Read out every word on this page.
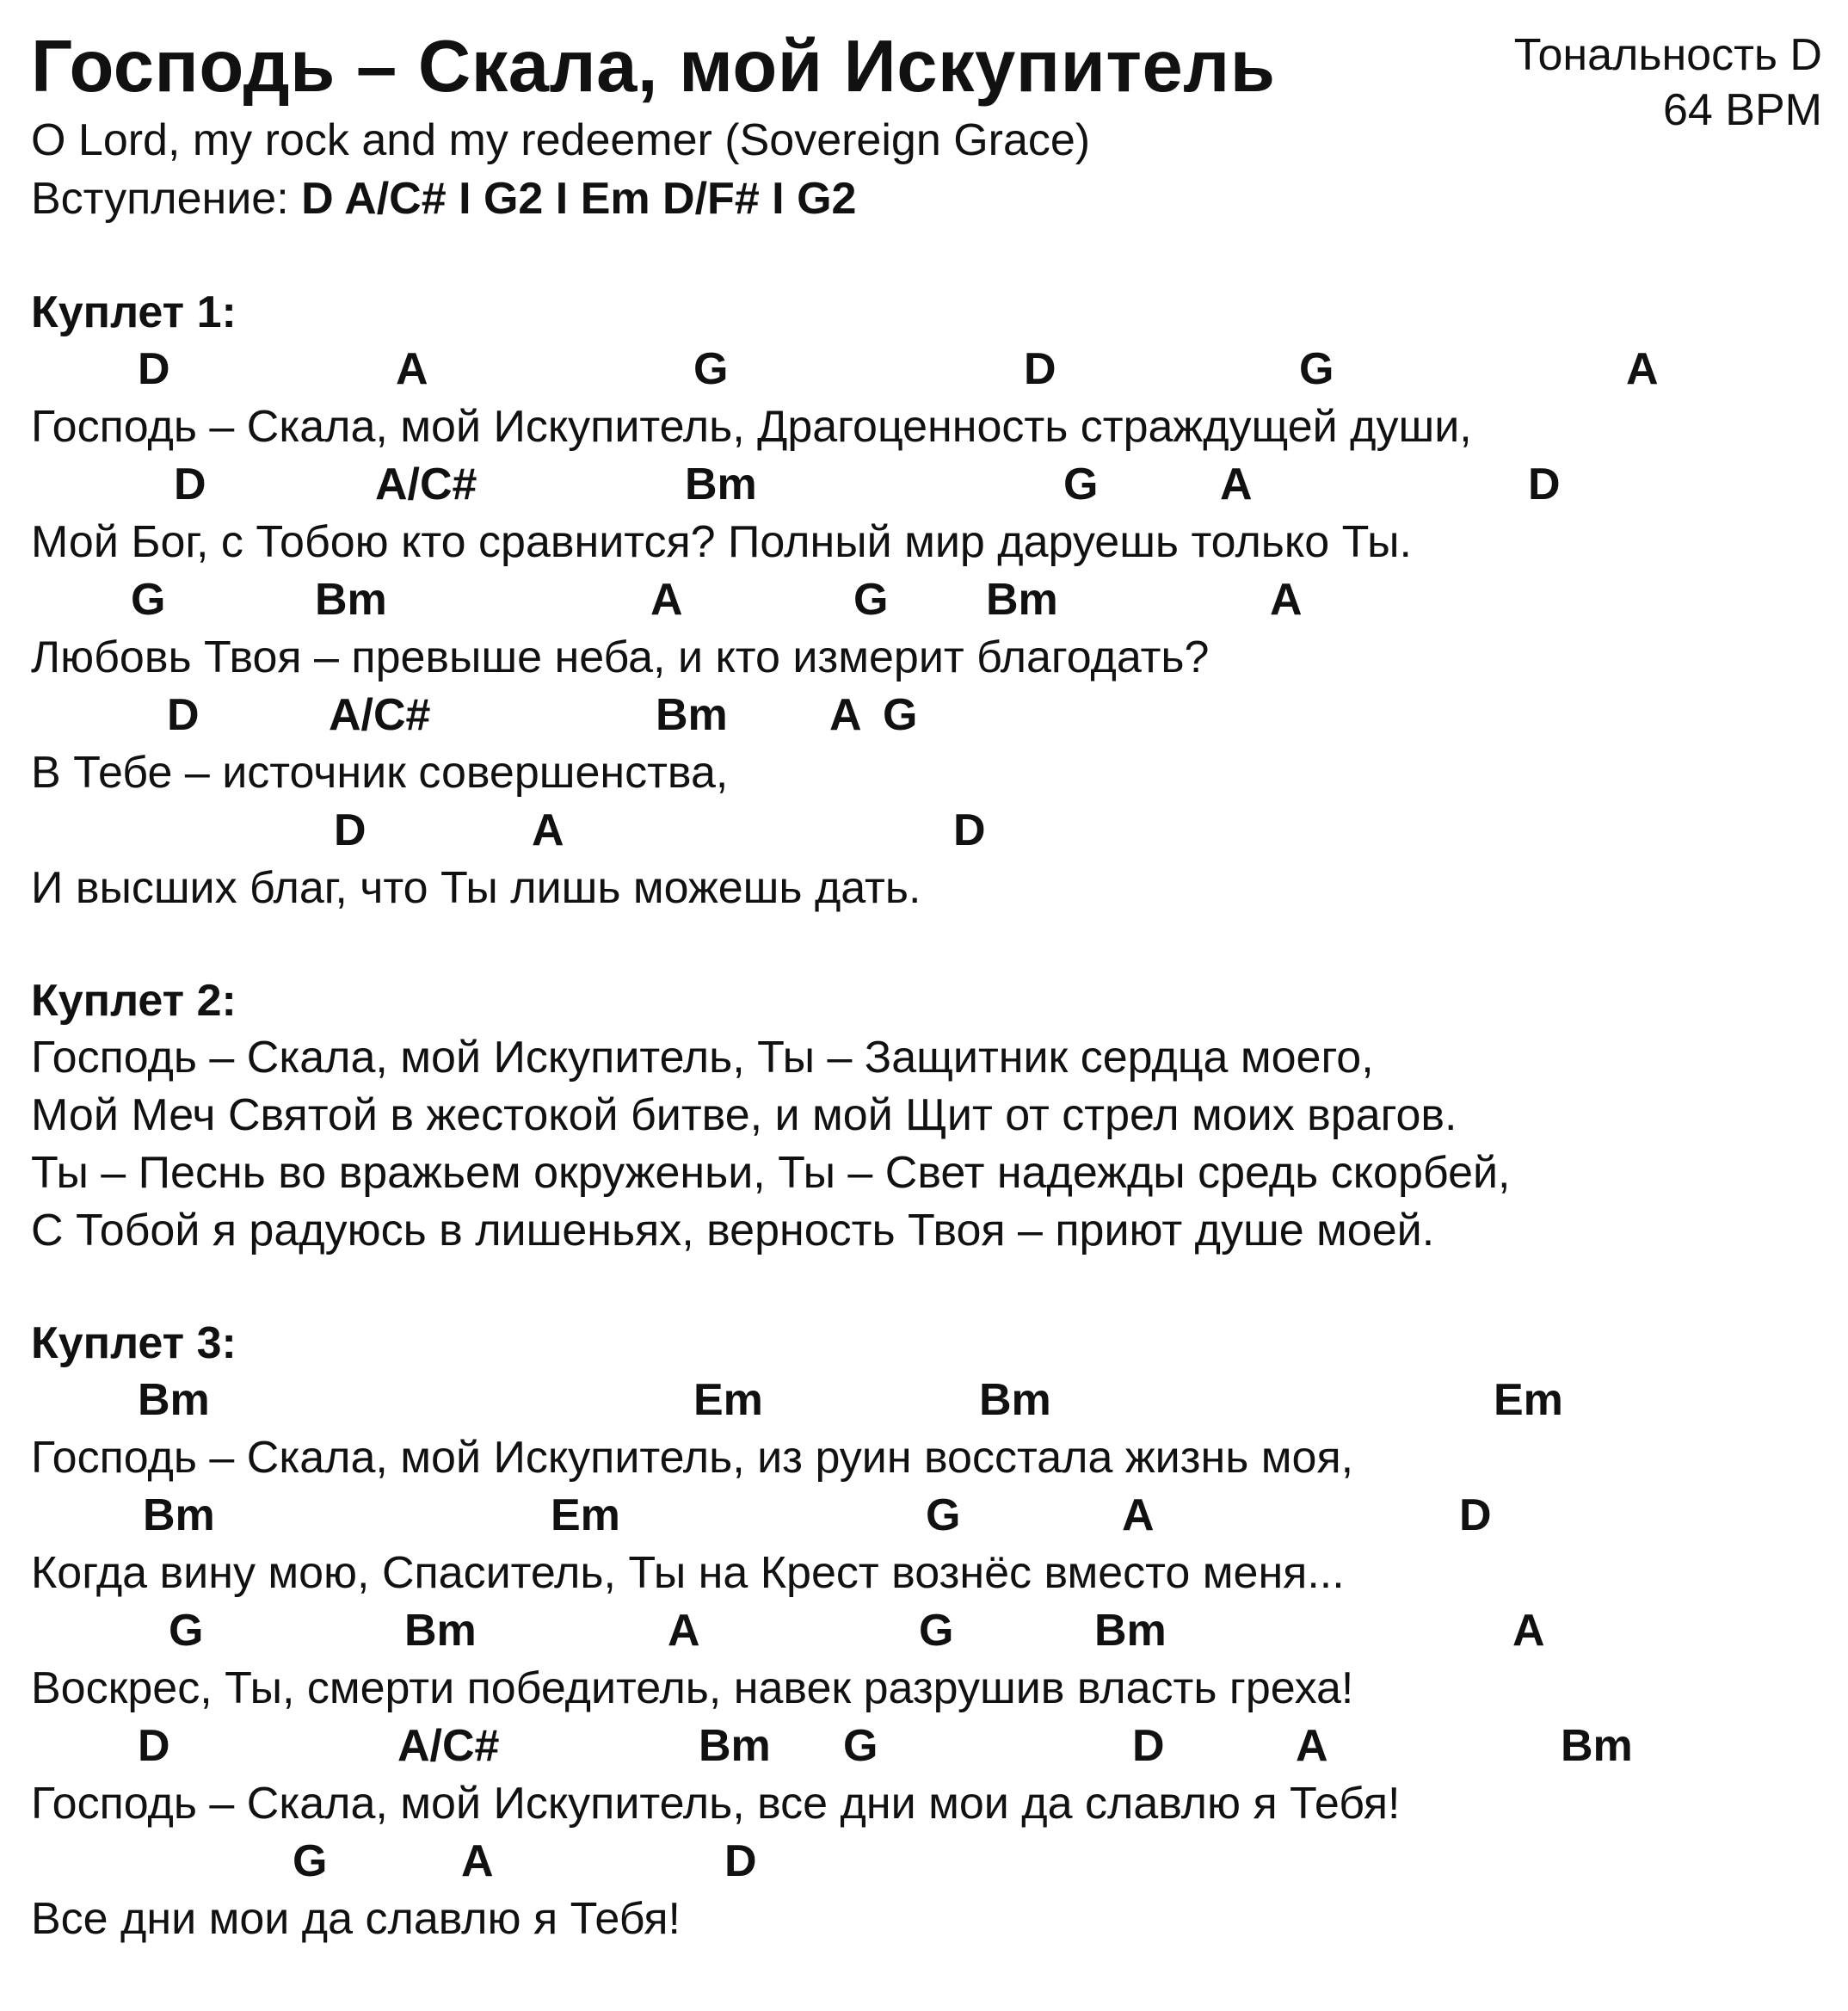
Господь – Скала, мой Искупитель	Тональность D
64 BPM
O Lord, my rock and my redeemer (Sovereign Grace)
Вступление: D A/C# I G2 I Em D/F# I G2
Куплет 1:
D	A	G	D	G	A
Господь – Скала, мой Искупитель, Драгоценность страждущей души,
D	A/C#	Bm	G	A	D
Мой Бог, с Тобою кто сравнится? Полный мир даруешь только Ты.
G	Bm	A	G Bm	A
Любовь Твоя – превыше неба, и кто измерит благодать?
D	A/C#	Bm A G
В Тебе – источник совершенства,
D	A	D
И высших благ, что Ты лишь можешь дать.
Куплет 2:
Господь – Скала, мой Искупитель, Ты – Защитник сердца моего,
Мой Меч Святой в жестокой битве, и мой Щит от стрел моих врагов.
Ты – Песнь во вражьем окруженьи, Ты – Свет надежды средь скорбей,
С Тобой я радуюсь в лишеньях, верность Твоя – приют душе моей.
Куплет 3:
Bm	Em	Bm	Em
Господь – Скала, мой Искупитель, из руин восстала жизнь моя,
Bm	Em	G	A	D
Когда вину мою, Спаситель, Ты на Крест вознёс вместо меня...
G	Bm	A	G	Bm	A
Воскрес, Ты, смерти победитель, навек разрушив власть греха!
D	A/C#	Bm G	D	A	Bm
Господь – Скала, мой Искупитель, все дни мои да славлю я Тебя!
G	A	D
Все дни мои да славлю я Тебя!
